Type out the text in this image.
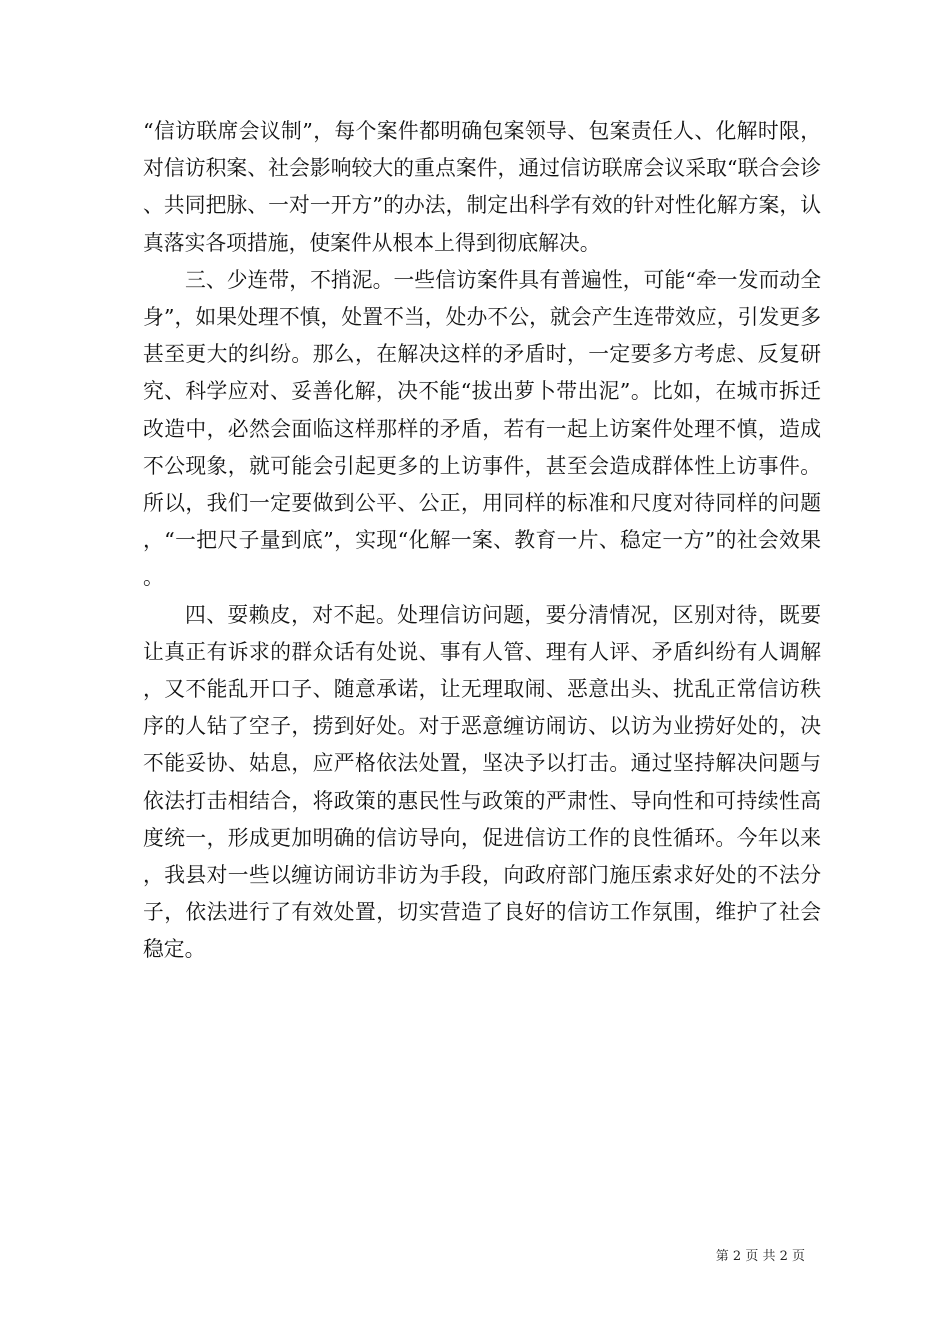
“信访联席会议制”，每个案件都明确包案领导、包案责任人、化解时限，对信访积案、社会影响较大的重点案件，通过信访联席会议采取“联合会诊、共同把脉、一对一开方”的办法，制定出科学有效的针对性化解方案，认真落实各项措施，使案件从根本上得到彻底解决。

三、少连带，不捎泥。一些信访案件具有普遍性，可能“牵一发而动全身”，如果处理不慎，处置不当，处办不公，就会产生连带效应，引发更多甚至更大的纠纷。那么，在解决这样的矛盾时，一定要多方考虑、反复研究、科学应对、妥善化解，决不能“拔出萝卜带出泥”。比如，在城市拆迁改造中，必然会面临这样那样的矛盾，若有一起上访案件处理不慎，造成不公现象，就可能会引起更多的上访事件，甚至会造成群体性上访事件。所以，我们一定要做到公平、公正，用同样的标准和尺度对待同样的问题，“一把尺子量到底”，实现“化解一案、教育一片、稳定一方”的社会效果。

四、耍赖皮，对不起。处理信访问题，要分清情况，区别对待，既要让真正有诉求的群众话有处说、事有人管、理有人评、矛盾纠纷有人调解，又不能乱开口子、随意承诺，让无理取闹、恶意出头、扰乱正常信访秩序的人钻了空子，捞到好处。对于恶意缠访闹访、以访为业捞好处的，决不能妥协、姑息，应严格依法处置，坚决予以打击。通过坚持解决问题与依法打击相结合，将政策的惠民性与政策的严肃性、导向性和可持续性高度统一，形成更加明确的信访导向，促进信访工作的良性循环。今年以来，我县对一些以缠访闹访非访为手段，向政府部门施压索求好处的不法分子，依法进行了有效处置，切实营造了良好的信访工作氛围，维护了社会稳定。

第 2 页 共 2 页
